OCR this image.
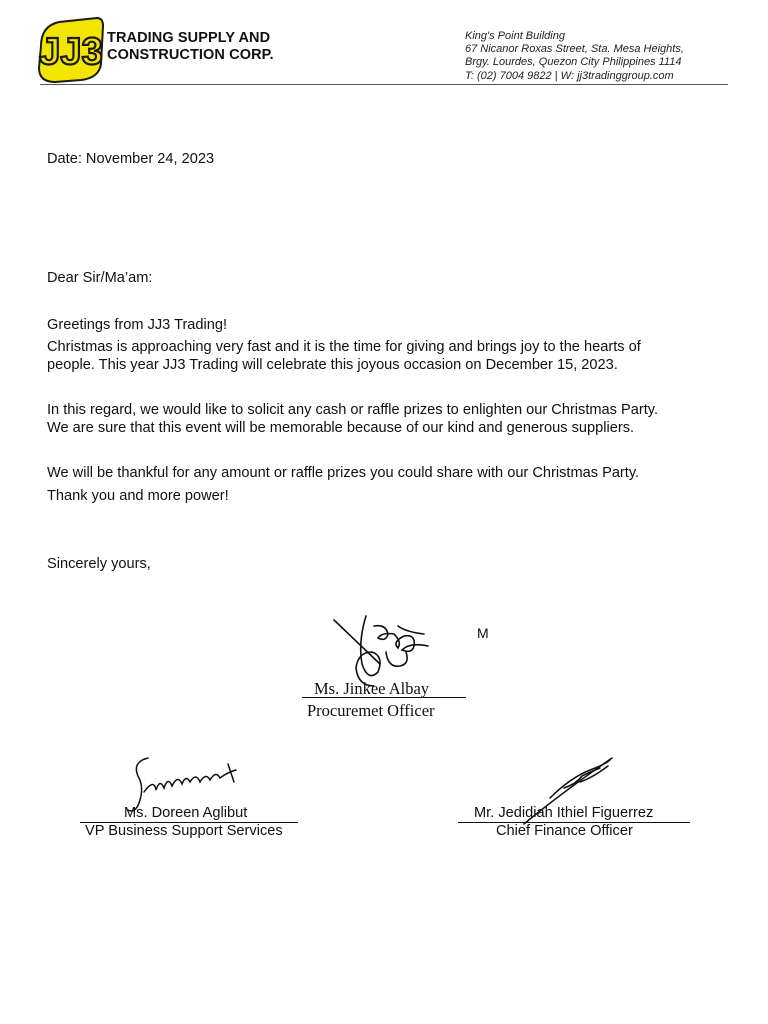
JJ3 TRADING SUPPLY AND
CONSTRUCTION CORP.
King's Point Building
67 Nicanor Roxas Street, Sta. Mesa Heights,
Brgy. Lourdes, Quezon City Philippines 1114
T: (02) 7004 9822 | W: jj3tradinggroup.com
Date: November 24, 2023
Dear Sir/Ma’am:
Greetings from JJ3 Trading!
Christmas is approaching very fast and it is the time for giving and brings joy to the hearts of
people. This year JJ3 Trading will celebrate this joyous occasion on December 15, 2023.
In this regard, we would like to solicit any cash or raffle prizes to enlighten our Christmas Party.
We are sure that this event will be memorable because of our kind and generous suppliers.
We will be thankful for any amount or raffle prizes you could share with our Christmas Party.
Thank you and more power!
Sincerely yours,
M
Ms. Jinkee Albay
Procuremet Officer
Ms. Doreen Aglibut
VP Business Support Services
Mr. Jedidiah Ithiel Figuerrez
Chief Finance Officer
